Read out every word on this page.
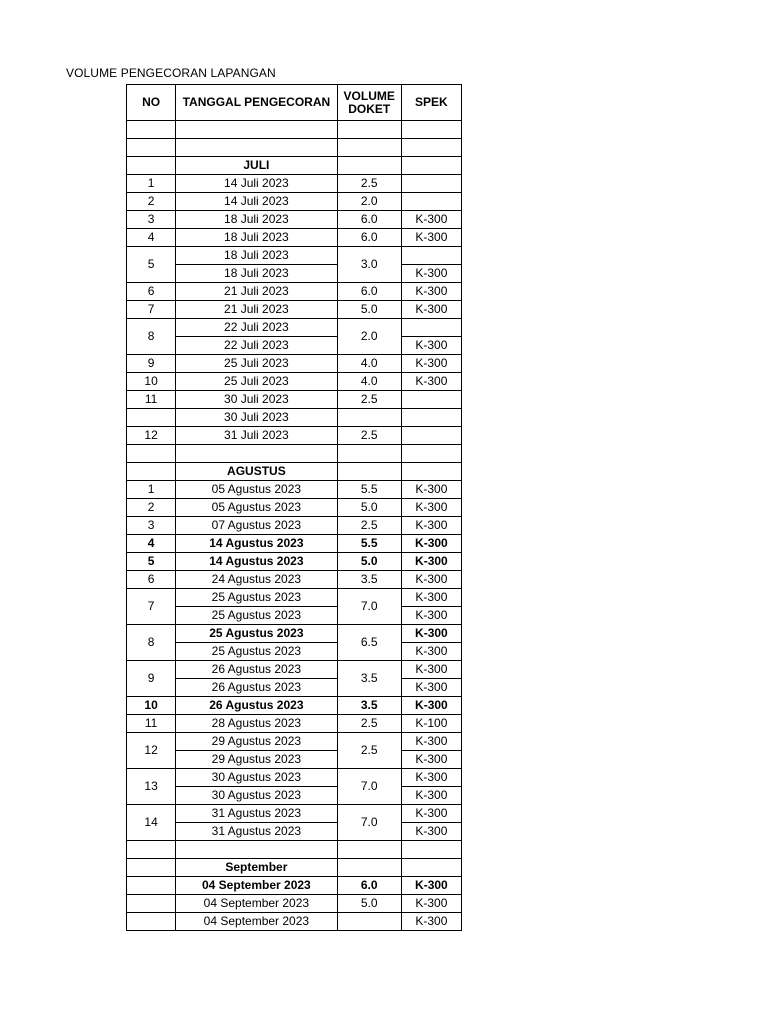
VOLUME PENGECORAN LAPANGAN
NO	TANGGAL PENGECORAN	VOLUME DOKET	SPEK

	JULI		
1	14 Juli 2023	2.5	
2	14 Juli 2023	2.0	
3	18 Juli 2023	6.0	K-300
4	18 Juli 2023	6.0	K-300
5	18 Juli 2023	3.0	
	18 Juli 2023		K-300
6	21 Juli 2023	6.0	K-300
7	21 Juli 2023	5.0	K-300
8	22 Juli 2023	2.0	
	22 Juli 2023		K-300
9	25 Juli 2023	4.0	K-300
10	25 Juli 2023	4.0	K-300
11	30 Juli 2023	2.5	
	30 Juli 2023		
12	31 Juli 2023	2.5	

	AGUSTUS		
1	05 Agustus 2023	5.5	K-300
2	05 Agustus 2023	5.0	K-300
3	07 Agustus 2023	2.5	K-300
4	14 Agustus 2023	5.5	K-300
5	14 Agustus 2023	5.0	K-300
6	24 Agustus 2023	3.5	K-300
7	25 Agustus 2023	7.0	K-300
	25 Agustus 2023		K-300
8	25 Agustus 2023	6.5	K-300
	25 Agustus 2023		K-300
9	26 Agustus 2023	3.5	K-300
	26 Agustus 2023		K-300
10	26 Agustus 2023	3.5	K-300
11	28 Agustus 2023	2.5	K-100
12	29 Agustus 2023	2.5	K-300
	29 Agustus 2023		K-300
13	30 Agustus 2023	7.0	K-300
	30 Agustus 2023		K-300
14	31 Agustus 2023	7.0	K-300
	31 Agustus 2023		K-300

	September		
	04 September 2023	6.0	K-300
	04 September 2023	5.0	K-300
	04 September 2023		K-300
